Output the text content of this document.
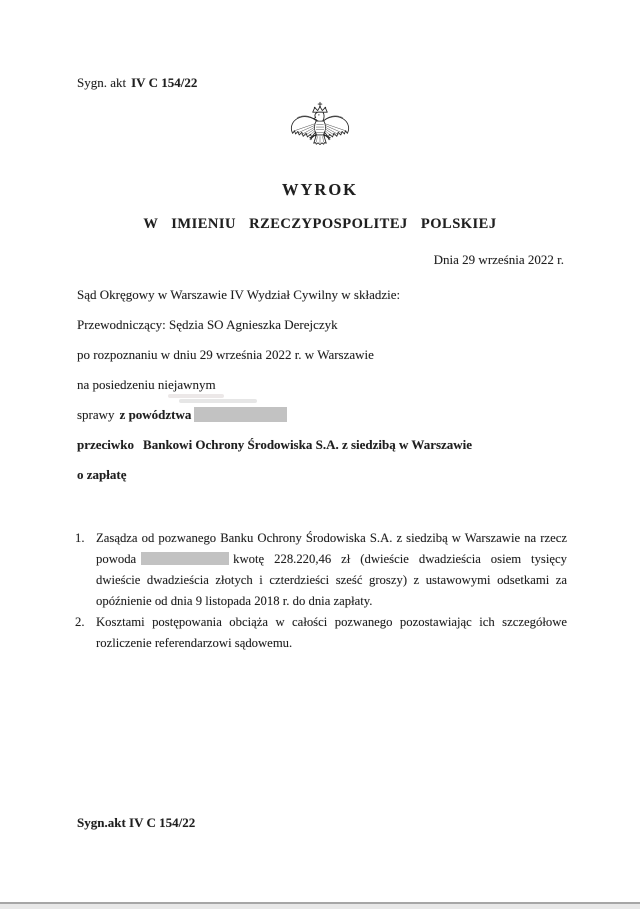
Sygn. akt IV C 154/22
WYROK
W IMIENIU RZECZYPOSPOLITEJ POLSKIEJ
Dnia 29 września 2022 r.
Sąd Okręgowy w Warszawie IV Wydział Cywilny w składzie:
Przewodniczący: Sędzia SO Agnieszka Derejczyk
po rozpoznaniu w dniu 29 września 2022 r. w Warszawie
na posiedzeniu niejawnym
sprawy z powództwa
przeciwko Bankowi Ochrony Środowiska S.A. z siedzibą w Warszawie
o zapłatę
1. Zasądza od pozwanego Banku Ochrony Środowiska S.A. z siedzibą w Warszawie na rzecz powoda	kwotę 228.220,46 zł (dwieście dwadzieścia osiem tysięcy dwieście dwadzieścia złotych i czterdzieści sześć groszy) z ustawowymi odsetkami za opóźnienie od dnia 9 listopada 2018 r. do dnia zapłaty.
2. Kosztami postępowania obciąża w całości pozwanego pozostawiając ich szczegółowe rozliczenie referendarzowi sądowemu.
Sygn.akt IV C 154/22
